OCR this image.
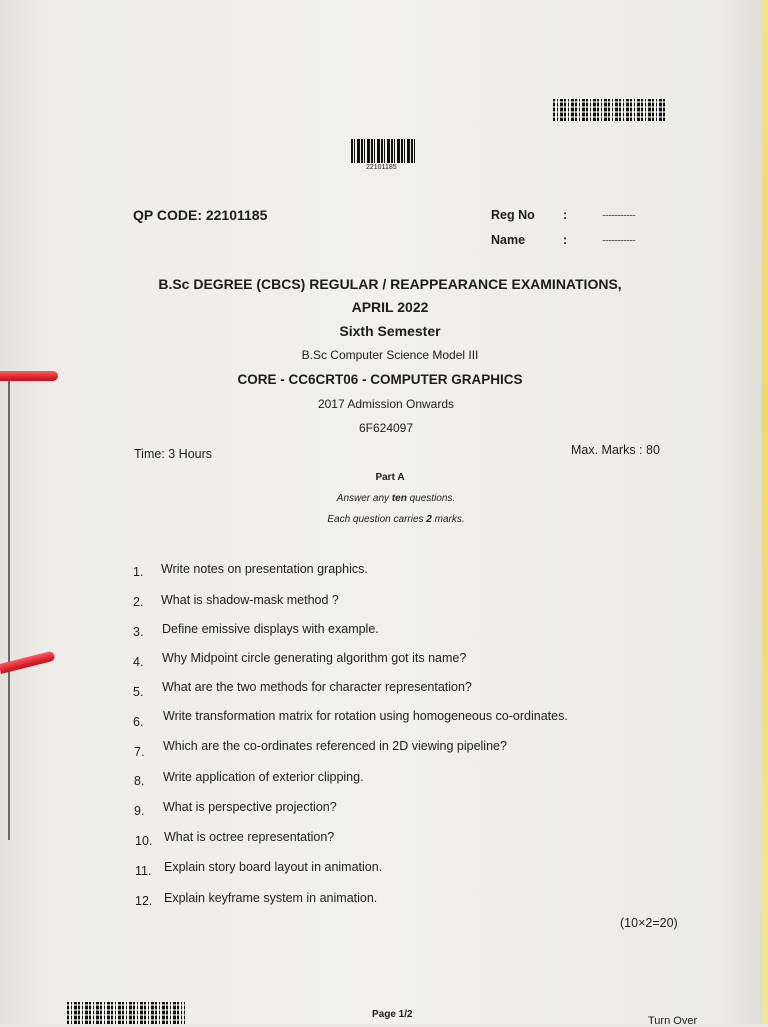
22101185
QP CODE: 22101185	Reg No :	......................
Name	:	......................
B.Sc DEGREE (CBCS) REGULAR / REAPPEARANCE EXAMINATIONS,
APRIL 2022
Sixth Semester
B.Sc Computer Science Model III
CORE - CC6CRT06 - COMPUTER GRAPHICS
2017 Admission Onwards
6F624097
Time: 3 Hours	Max. Marks : 80
Part A
Answer any ten questions.
Each question carries 2 marks.
1. Write notes on presentation graphics.
2. What is shadow-mask method ?
3. Define emissive displays with example.
4. Why Midpoint circle generating algorithm got its name?
5. What are the two methods for character representation?
6. Write transformation matrix for rotation using homogeneous co-ordinates.
7. Which are the co-ordinates referenced in 2D viewing pipeline?
8. Write application of exterior clipping.
9. What is perspective projection?
10. What is octree representation?
11. Explain story board layout in animation.
12. Explain keyframe system in animation.
(10×2=20)
Page 1/2
Turn Over
